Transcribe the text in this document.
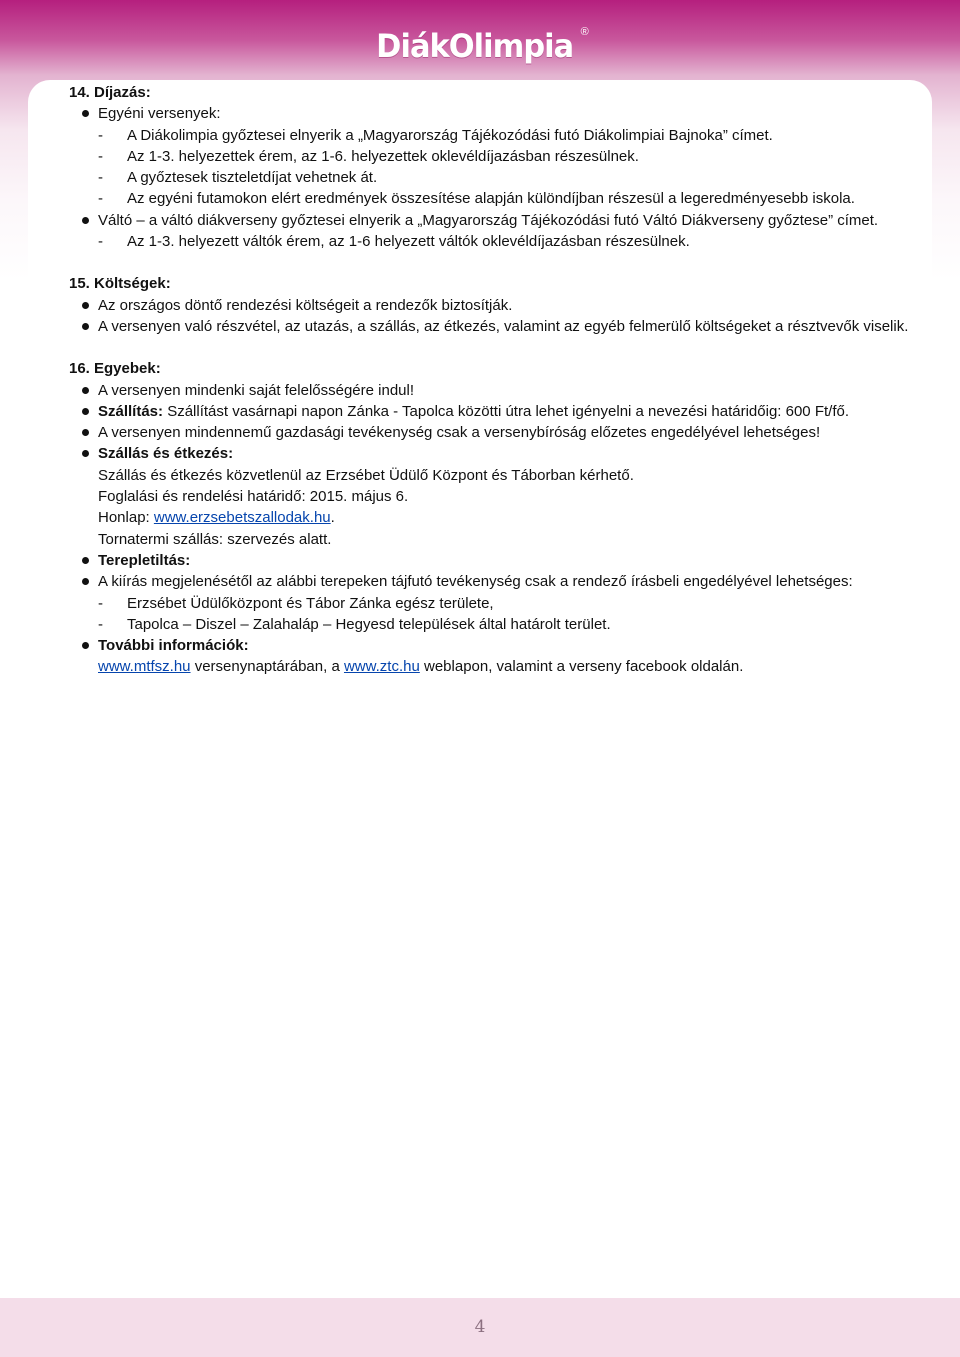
DiákOlimpia ®
14. Díjazás:
Egyéni versenyek:
- A Diákolimpia győztesei elnyerik a „Magyarország Tájékozódási futó Diákolimpiai Bajnoka” címet.
- Az 1-3. helyezettek érem, az 1-6. helyezettek oklevéldíjazásban részesülnek.
- A győztesek tiszteletdíjat vehetnek át.
- Az egyéni futamokon elért eredmények összesítése alapján különdíjban részesül a legeredményesebb iskola.
Váltó – a váltó diákverseny győztesei elnyerik a „Magyarország Tájékozódási futó Váltó Diákverseny győztese” címet.
- Az 1-3. helyezett váltók érem, az 1-6 helyezett váltók oklevéldíjazásban részesülnek.
15. Költségek:
Az országos döntő rendezési költségeit a rendezők biztosítják.
A versenyen való részvétel, az utazás, a szállás, az étkezés, valamint az egyéb felmerülő költségeket a résztvevők viselik.
16. Egyebek:
A versenyen mindenki saját felelősségére indul!
Szállítás: Szállítást vasárnapi napon Zánka - Tapolca közötti útra lehet igényelni a nevezési határidőig: 600 Ft/fő.
A versenyen mindennemű gazdasági tevékenység csak a versenybíróság előzetes engedélyével lehetséges!
Szállás és étkezés:
Szállás és étkezés közvetlenül az Erzsébet Üdülő Központ és Táborban kérhető.
Foglalási és rendelési határidő: 2015. május 6.
Honlap: www.erzsebetszallodak.hu.
Tornatermi szállás: szervezés alatt.
Terepletiltás:
A kiírás megjelenésétől az alábbi terepeken tájfutó tevékenység csak a rendező írásbeli engedélyével lehetséges:
- Erzsébet Üdülőközpont és Tábor Zánka egész területe,
- Tapolca – Diszel – Zalahaláp – Hegyesd települések által határolt terület.
További információk:
www.mtfsz.hu versenynaptárában, a www.ztc.hu weblapon, valamint a verseny facebook oldalán.
4
